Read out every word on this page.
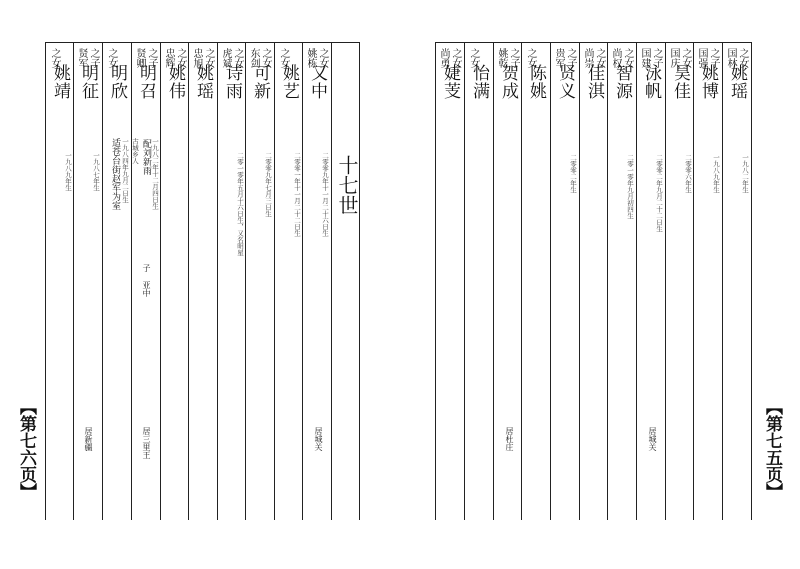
【第七六页】
十七世
之女
姚栋
又中
二零零九年十一月二十六日生
居城关
之女
姚艺
二零零一年十一月二十二日生
之女
东剑
可新
二零零九年七月三日生
之女
虎斌
诗雨
二零一零年五月十六日生，又名明星
之女
忠旭
姚瑶
之女
忠辉
姚伟
之子
贤卿
明召
配刘新雨 一九八二年十二月四日生
古城乡人
子 亚中
居三里王
之女
明欣
一九八四年九月二日生
适苍台街赵军为室
之子
贤军
明征
一九八七年生
居新疆
之女
姚靖
一九八九年生
【第七五页】
之女
国林
姚瑶
一九八二年生
之子
国强
姚博
一九八九年生
之女
国庆
昊佳
二零零六年生
之子
国建
泳帆
二零零二年九月二十二日生
居城关
之女
尚权
智源
二零一零年九月初四生
之女
尚崇
佳淇
之子
贵军
贤义
二零零二年生
之女
陈姚
之子
姚乾
贺成
居杜庄
之女
怡满
之女
尚勇
婕芰
